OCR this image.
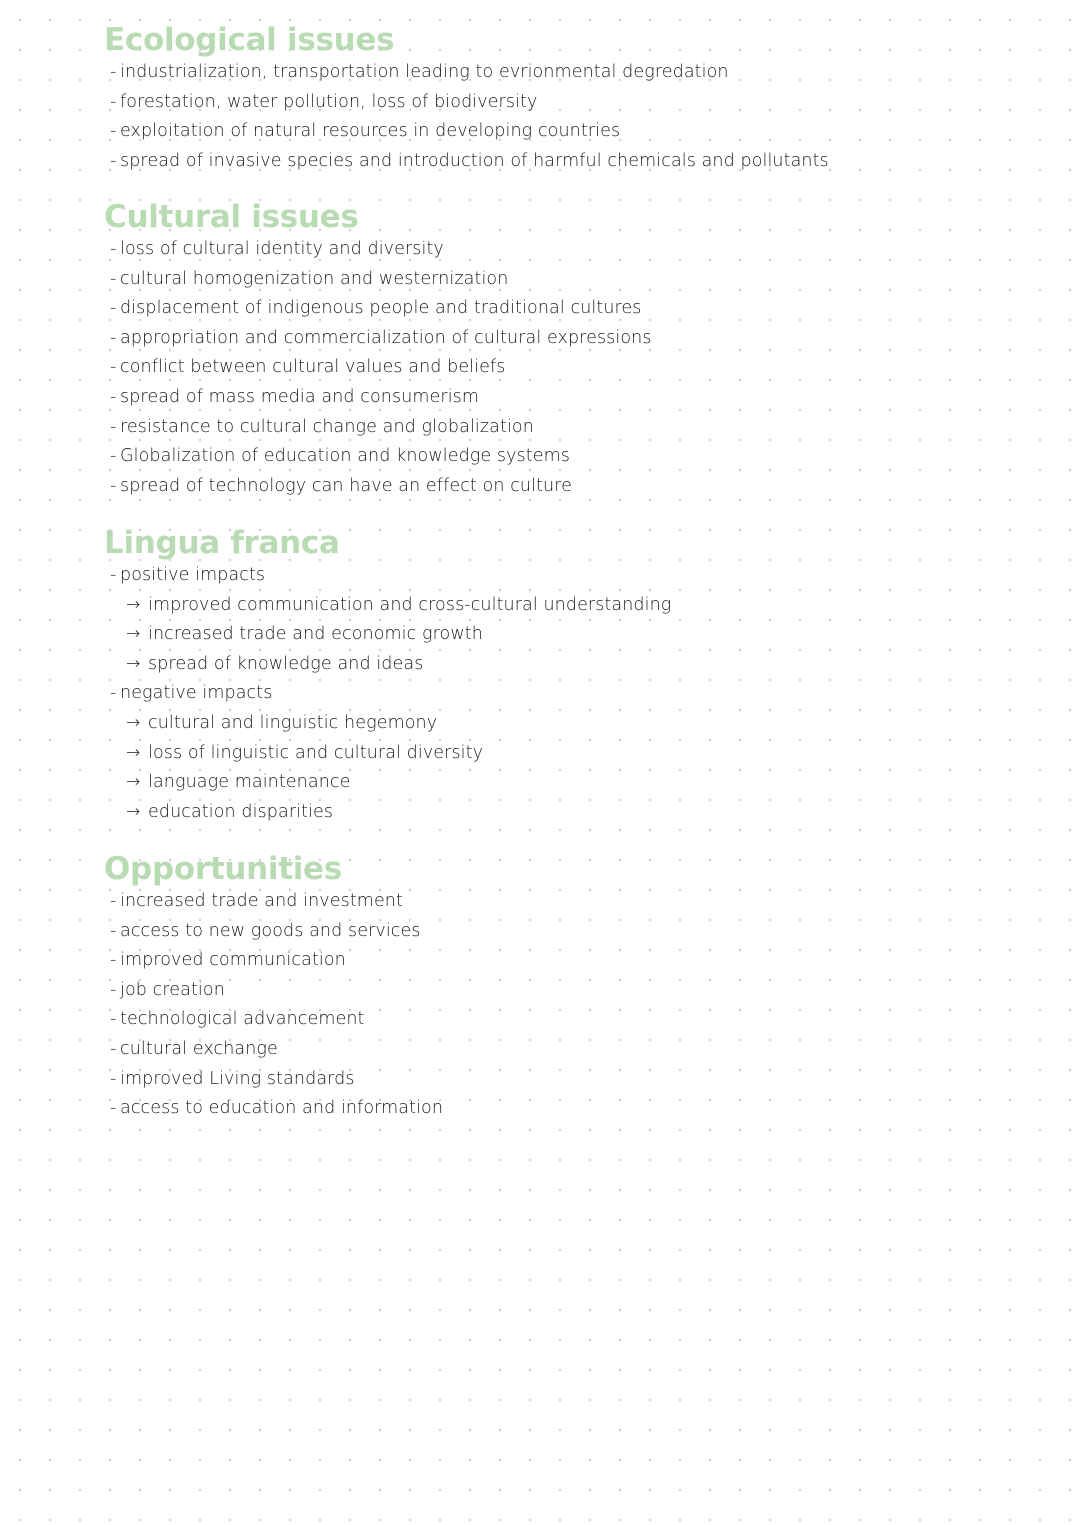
Ecological issues
- industrialization, transportation leading to evrionmental degredation
- forestation, water pollution, loss of biodiversity
- exploitation of natural resources in developing countries
- spread of invasive species and introduction of harmful chemicals and pollutants
Cultural issues
- loss of cultural identity and diversity
- cultural homogenization and westernization
- displacement of indigenous people and traditional cultures
- appropriation and commercialization of cultural expressions
- conflict between cultural values and beliefs
- spread of mass media and consumerism
- resistance to cultural change and globalization
- Globalization of education and knowledge systems
- spread of technology can have an effect on culture
Lingua franca
- positive impacts
→ improved communication and cross-cultural understanding
→ increased trade and economic growth
→ spread of knowledge and ideas
- negative impacts
→ cultural and linguistic hegemony
→ loss of linguistic and cultural diversity
→ language maintenance
→ education disparities
Opportunities
- increased trade and investment
- access to new goods and services
- improved communication
- job creation
- technological advancement
- cultural exchange
- improved Living standards
- access to education and information
